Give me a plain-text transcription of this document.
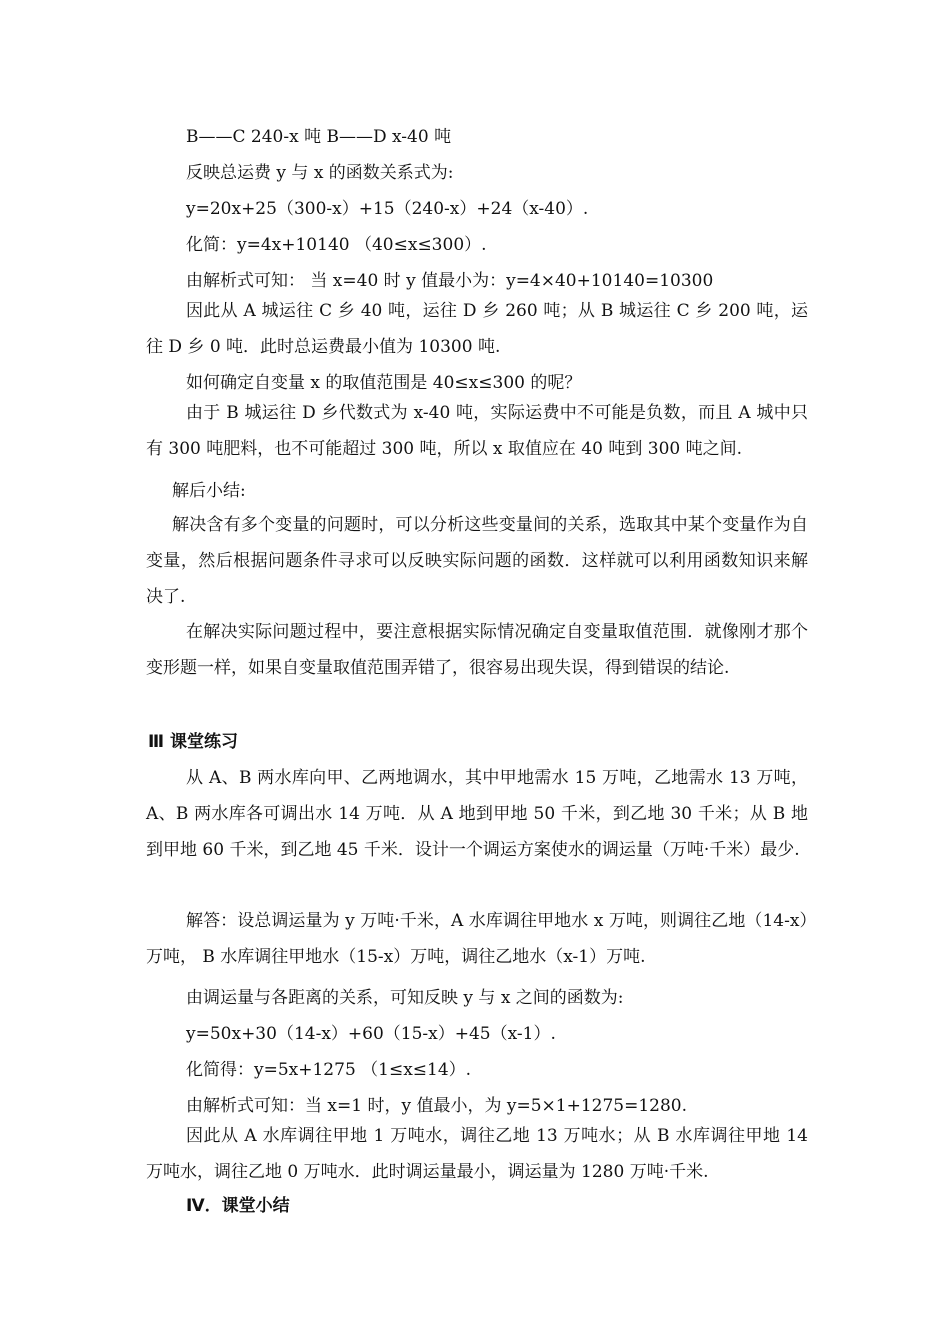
B——C 240-x 吨 B——D x-40 吨
反映总运费 y 与 x 的函数关系式为:
y=20x+25（300-x）+15（240-x）+24（x-40）.
化简：y=4x+10140 （40≤x≤300）.
由解析式可知： 当 x=40 时 y 值最小为：y=4×40+10140=10300
因此从 A 城运往 C 乡 40 吨，运往 D 乡 260 吨；从 B 城运往 C 乡 200 吨，运往 D 乡 0 吨．此时总运费最小值为 10300 吨.
如何确定自变量 x 的取值范围是 40≤x≤300 的呢？
由于 B 城运往 D 乡代数式为 x-40 吨，实际运费中不可能是负数，而且 A 城中只有 300 吨肥料，也不可能超过 300 吨，所以 x 取值应在 40 吨到 300 吨之间.
解后小结:
解决含有多个变量的问题时，可以分析这些变量间的关系，选取其中某个变量作为自变量，然后根据问题条件寻求可以反映实际问题的函数．这样就可以利用函数知识来解决了.
在解决实际问题过程中，要注意根据实际情况确定自变量取值范围．就像刚才那个变形题一样，如果自变量取值范围弄错了，很容易出现失误，得到错误的结论.
Ⅲ 课堂练习
从 A、B 两水库向甲、乙两地调水，其中甲地需水 15 万吨，乙地需水 13 万吨，A、B 两水库各可调出水 14 万吨．从 A 地到甲地 50 千米，到乙地 30 千米；从 B 地到甲地 60 千米，到乙地 45 千米．设计一个调运方案使水的调运量（万吨·千米）最少.
解答：设总调运量为 y 万吨·千米，A 水库调往甲地水 x 万吨，则调往乙地（14-x）万吨， B 水库调往甲地水（15-x）万吨，调往乙地水（x-1）万吨.
由调运量与各距离的关系，可知反映 y 与 x 之间的函数为:
y=50x+30（14-x）+60（15-x）+45（x-1）.
化简得：y=5x+1275 （1≤x≤14）.
由解析式可知：当 x=1 时，y 值最小，为 y=5×1+1275=1280.
因此从 A 水库调往甲地 1 万吨水，调往乙地 13 万吨水；从 B 水库调往甲地 14 万吨水，调往乙地 0 万吨水．此时调运量最小，调运量为 1280 万吨·千米.
Ⅳ．课堂小结
